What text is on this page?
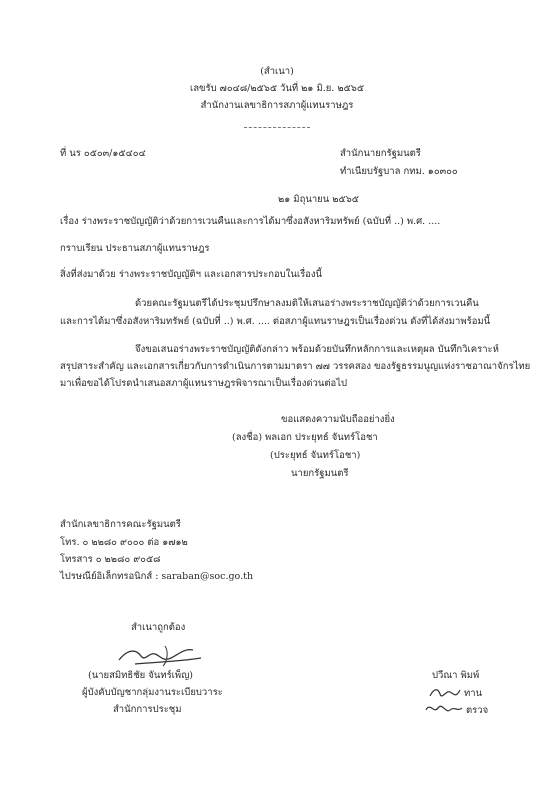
(สำเนา)
เลขรับ ๗๐๔๘/๒๕๖๕ วันที่ ๒๑ มิ.ย. ๒๕๖๕
สำนักงานเลขาธิการสภาผู้แทนราษฎร
ที่ นร ๐๕๐๓/๑๕๔๐๔	สำนักนายกรัฐมนตรี
ทำเนียบรัฐบาล กทม. ๑๐๓๐๐
๒๑ มิถุนายน ๒๕๖๕
เรื่อง ร่างพระราชบัญญัติว่าด้วยการเวนคืนและการได้มาซึ่งอสังหาริมทรัพย์ (ฉบับที่ ..) พ.ศ. ....
กราบเรียน ประธานสภาผู้แทนราษฎร
สิ่งที่ส่งมาด้วย ร่างพระราชบัญญัติฯ และเอกสารประกอบในเรื่องนี้
ด้วยคณะรัฐมนตรีได้ประชุมปรึกษาลงมติให้เสนอร่างพระราชบัญญัติว่าด้วยการเวนคืน
และการได้มาซึ่งอสังหาริมทรัพย์ (ฉบับที่ ..) พ.ศ. .... ต่อสภาผู้แทนราษฎรเป็นเรื่องด่วน ดังที่ได้ส่งมาพร้อมนี้
จึงขอเสนอร่างพระราชบัญญัติดังกล่าว พร้อมด้วยบันทึกหลักการและเหตุผล บันทึกวิเคราะห์
สรุปสาระสำคัญ และเอกสารเกี่ยวกับการดำเนินการตามมาตรา ๗๗ วรรคสอง ของรัฐธรรมนูญแห่งราชอาณาจักรไทย
มาเพื่อขอได้โปรดนำเสนอสภาผู้แทนราษฎรพิจารณาเป็นเรื่องด่วนต่อไป
ขอแสดงความนับถืออย่างยิ่ง
(ลงชื่อ) พลเอก ประยุทธ์ จันทร์โอชา
(ประยุทธ์ จันทร์โอชา)
นายกรัฐมนตรี
สำนักเลขาธิการคณะรัฐมนตรี
โทร. ๐ ๒๒๘๐ ๙๐๐๐ ต่อ ๑๗๑๒
โทรสาร ๐ ๒๒๘๐ ๙๐๕๘
ไปรษณีย์อิเล็กทรอนิกส์ : saraban@soc.go.th
สำเนาถูกต้อง
(นายสมิทธิชัย จันทร์เพ็ญ)
ผู้บังคับบัญชากลุ่มงานระเบียบวาระ
สำนักการประชุม
ปวีณา พิมพ์
ทาน
ตรวจ
